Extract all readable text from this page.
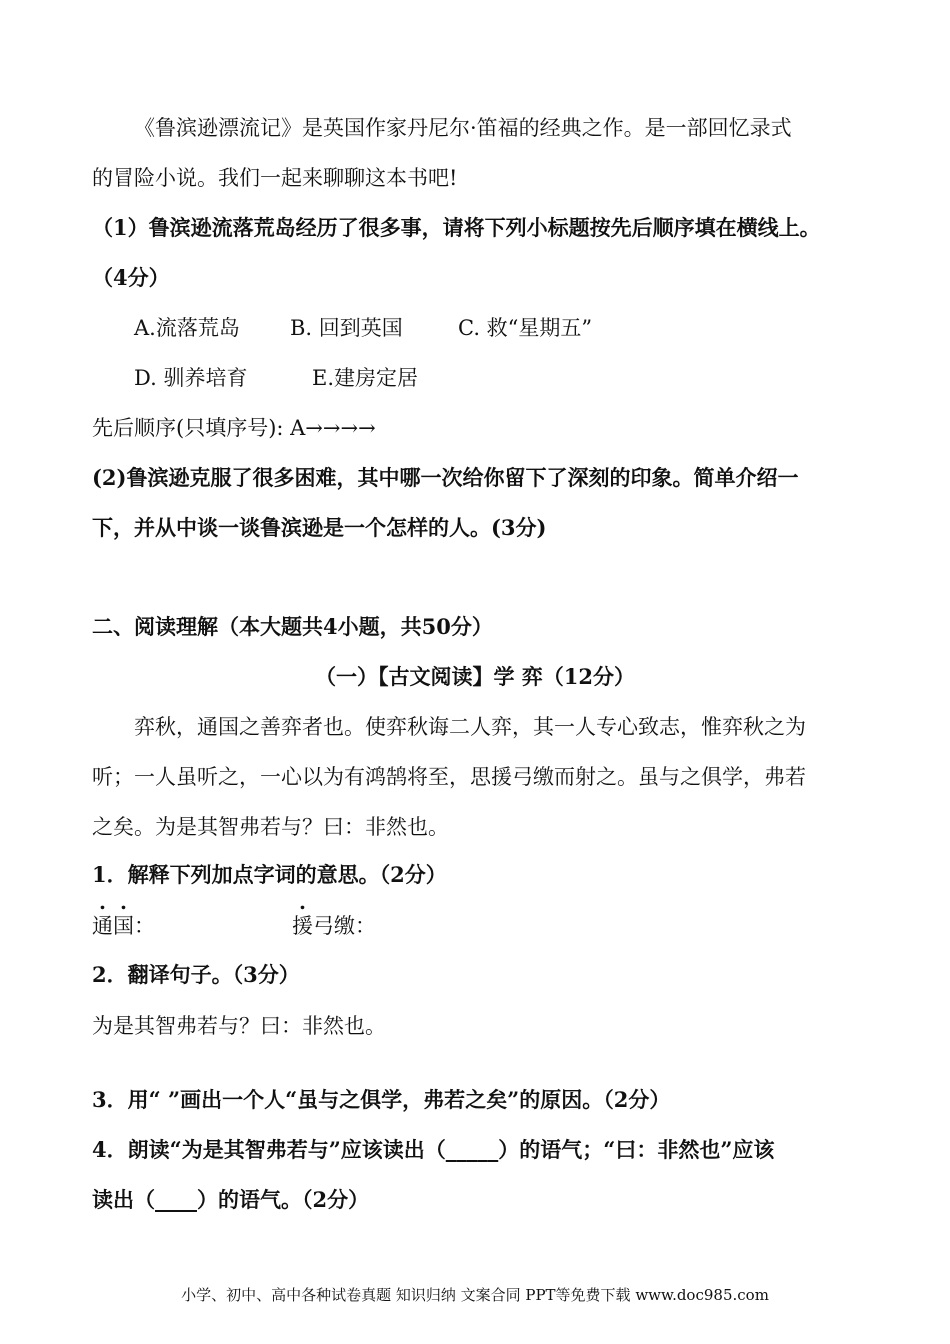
《鲁滨逊漂流记》是英国作家丹尼尔·笛福的经典之作。是一部回忆录式
的冒险小说。我们一起来聊聊这本书吧!
（1）鲁滨逊流落荒岛经历了很多事，请将下列小标题按先后顺序填在横线上。
（4分）
A.流落荒岛 B. 回到英国	C. 救“星期五”
D. 驯养培育	E.建房定居
先后顺序(只填序号): A→→→→
(2)鲁滨逊克服了很多困难，其中哪一次给你留下了深刻的印象。简单介绍一
下，并从中谈一谈鲁滨逊是一个怎样的人。(3分)
二、阅读理解（本大题共4小题，共50分）
（一）【古文阅读】学 弈（12分）
弈秋，通国之善弈者也。使弈秋诲二人弈，其一人专心致志，惟弈秋之为
听；一人虽听之，一心以为有鸿鹄将至，思援弓缴而射之。虽与之俱学，弗若
之矣。为是其智弗若与？曰：非然也。
1．解释下列加点字词的意思。（2分）
通国：	援弓缴：
2．翻译句子。（3分）
为是其智弗若与？曰：非然也。
3．用“ ”画出一个人“虽与之俱学，弗若之矣”的原因。（2分）
4．朗读“为是其智弗若与”应该读出（_____）的语气；“曰：非然也”应该
读出（____）的语气。（2分）
小学、初中、高中各种试卷真题 知识归纳 文案合同 PPT等免费下载 www.doc985.com
